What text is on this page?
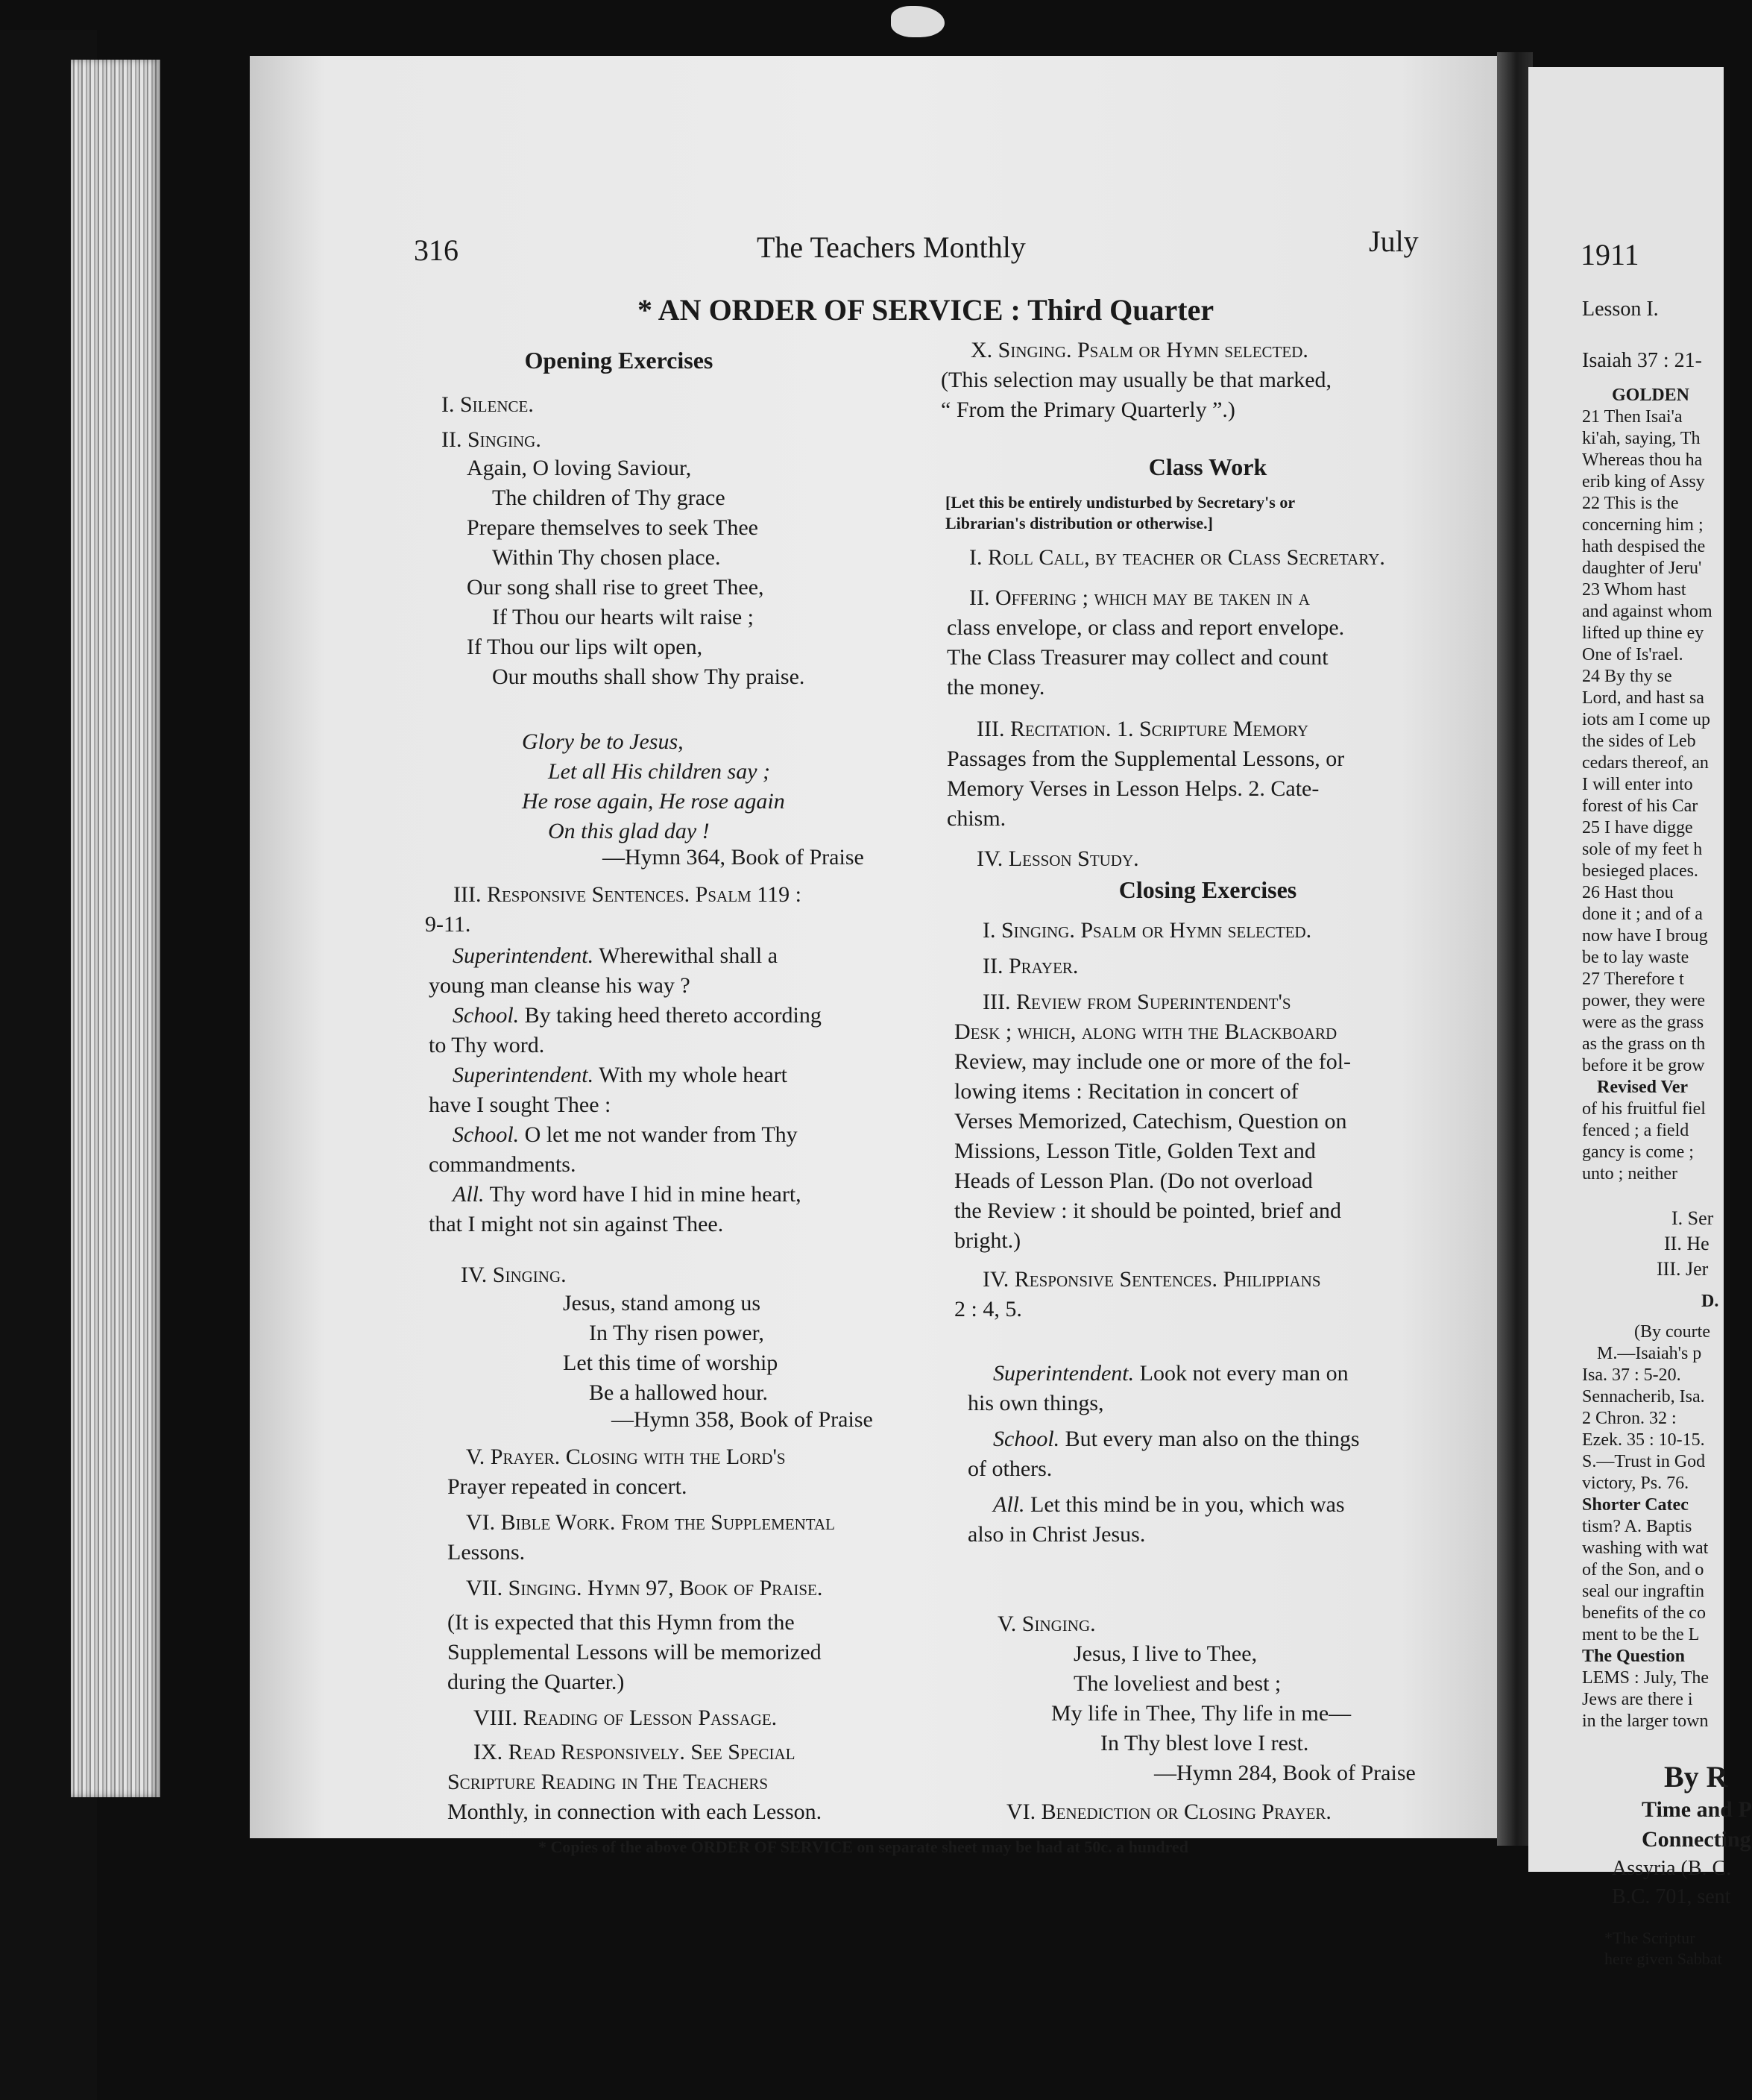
316	The Teachers Monthly	July
* AN ORDER OF SERVICE : Third Quarter
Opening Exercises
I. Silence.
II. Singing.
Again, O loving Saviour,
The children of Thy grace
Prepare themselves to seek Thee
Within Thy chosen place.
Our song shall rise to greet Thee,
If Thou our hearts wilt raise ;
If Thou our lips wilt open,
Our mouths shall show Thy praise.
Glory be to Jesus,
Let all His children say ;
He rose again, He rose again
On this glad day !
—Hymn 364, Book of Praise
III. Responsive Sentences. Psalm 119 :
9-11.
Superintendent. Wherewithal shall a
young man cleanse his way ?
School. By taking heed thereto according
to Thy word.
Superintendent. With my whole heart
have I sought Thee :
School. O let me not wander from Thy
commandments.
All. Thy word have I hid in mine heart,
that I might not sin against Thee.
IV. Singing.
Jesus, stand among us
In Thy risen power,
Let this time of worship
Be a hallowed hour.
—Hymn 358, Book of Praise
V. Prayer. Closing with the Lord's
Prayer repeated in concert.
VI. Bible Work. From the Supplemental
Lessons.
VII. Singing. Hymn 97, Book of Praise.
(It is expected that this Hymn from the
Supplemental Lessons will be memorized
during the Quarter.)
VIII. Reading of Lesson Passage.
IX. Read Responsively. See Special
Scripture Reading in The Teachers
Monthly, in connection with each Lesson.
X. Singing. Psalm or Hymn selected.
(This selection may usually be that marked,
“ From the Primary Quarterly ”.)
Class Work
[Let this be entirely undisturbed by Secretary's or
Librarian's distribution or otherwise.]
I. Roll Call, by teacher or Class Secretary.
II. Offering ; which may be taken in a
class envelope, or class and report envelope.
The Class Treasurer may collect and count
the money.
III. Recitation. 1. Scripture Memory
Passages from the Supplemental Lessons, or
Memory Verses in Lesson Helps. 2. Cate-
chism.
IV. Lesson Study.
Closing Exercises
I. Singing. Psalm or Hymn selected.
II. Prayer.
III. Review from Superintendent's
Desk ; which, along with the Blackboard
Review, may include one or more of the fol-
lowing items : Recitation in concert of
Verses Memorized, Catechism, Question on
Missions, Lesson Title, Golden Text and
Heads of Lesson Plan. (Do not overload
the Review : it should be pointed, brief and
bright.)
IV. Responsive Sentences. Philippians
2 : 4, 5.
Superintendent. Look not every man on
his own things,
School. But every man also on the things
of others.
All. Let this mind be in you, which was
also in Christ Jesus.
V. Singing.
Jesus, I live to Thee,
The loveliest and best ;
My life in Thee, Thy life in me—
In Thy blest love I rest.
—Hymn 284, Book of Praise
VI. Benediction or Closing Prayer.
* Copies of the above ORDER OF SERVICE on separate sheet may be had at 50c. a hundred
1911
Lesson I.
Isaiah 37 : 21-
GOLDEN
21 Then Isai'a
ki'ah, saying, Th
Whereas thou ha
erib king of Assy
22 This is the
concerning him ;
hath despised the
daughter of Jeru'
23 Whom hast
and against whom
lifted up thine ey
One of Is'rael.
24 By thy se
Lord, and hast sa
iots am I come up
the sides of Leb
cedars thereof, an
I will enter into
forest of his Car
25 I have digge
sole of my feet h
besieged places.
26 Hast thou
done it ; and of a
now have I broug
be to lay waste
27 Therefore t
power, they were
were as the grass
as the grass on th
before it be grow
Revised Ver
of his fruitful fiel
fenced ; a field
gancy is come ;
unto ; neither
I. Ser
II. He
III. Jer
D.
(By courte
M.—Isaiah's p
Isa. 37 : 5-20.
Sennacherib, Isa.
2 Chron. 32 :
Ezek. 35 : 10-15.
S.—Trust in God
victory, Ps. 76.
Shorter Catec
tism? A. Baptis
washing with wat
of the Son, and o
seal our ingraftin
benefits of the co
ment to be the L
The Question
LEMS : July, The
Jews are there i
in the larger town
By R
Time and P
Connecting
Assyria (B. C.
B.C. 701, sent
*The Scriptur
here given Sabbat
